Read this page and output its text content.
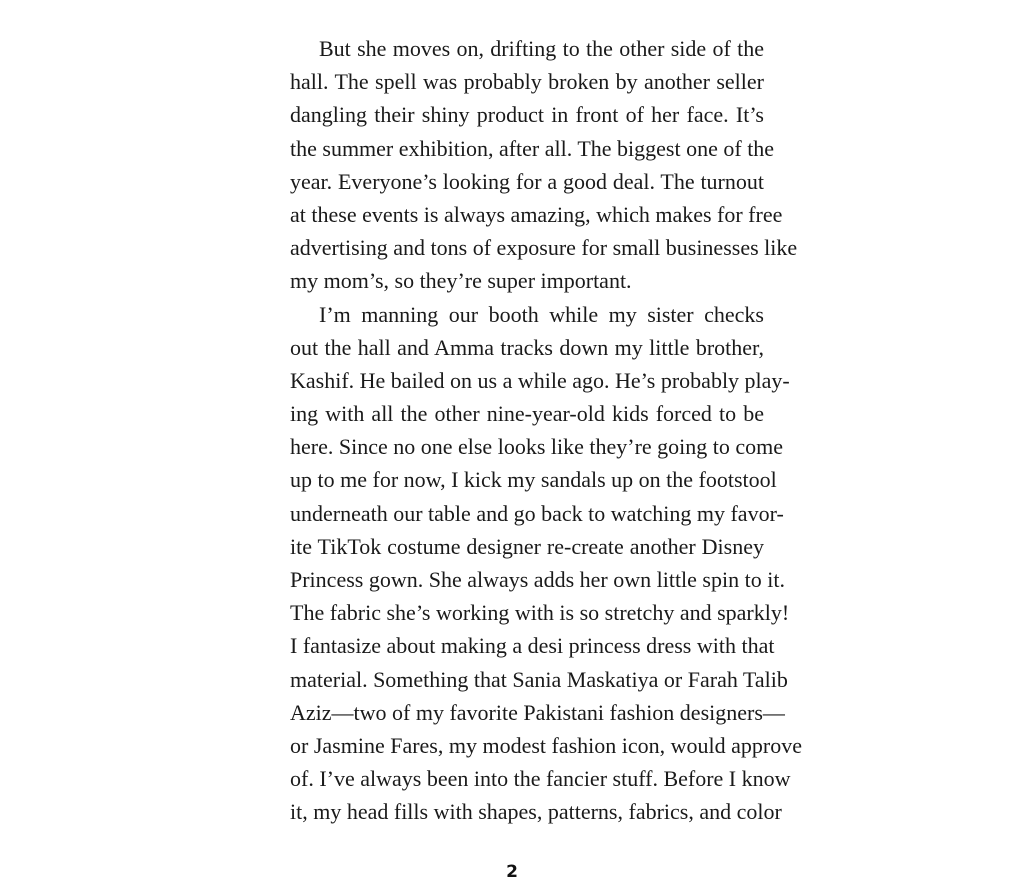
But she moves on, drifting to the other side of the
hall. The spell was probably broken by another seller
dangling their shiny product in front of her face. It’s
the summer exhibition, after all. The biggest one of the
year. Everyone’s looking for a good deal. The turnout
at these events is always amazing, which makes for free
advertising and tons of exposure for small businesses like
my mom’s, so they’re super important.
I’m manning our booth while my sister checks
out the hall and Amma tracks down my little brother,
Kashif. He bailed on us a while ago. He’s probably play-
ing with all the other nine-year-old kids forced to be
here. Since no one else looks like they’re going to come
up to me for now, I kick my sandals up on the footstool
underneath our table and go back to watching my favor-
ite TikTok costume designer re-create another Disney
Princess gown. She always adds her own little spin to it.
The fabric she’s working with is so stretchy and sparkly!
I fantasize about making a desi princess dress with that
material. Something that Sania Maskatiya or Farah Talib
Aziz—two of my favorite Pakistani fashion designers—
or Jasmine Fares, my modest fashion icon, would approve
of. I’ve always been into the fancier stuff. Before I know
it, my head fills with shapes, patterns, fabrics, and color
2
